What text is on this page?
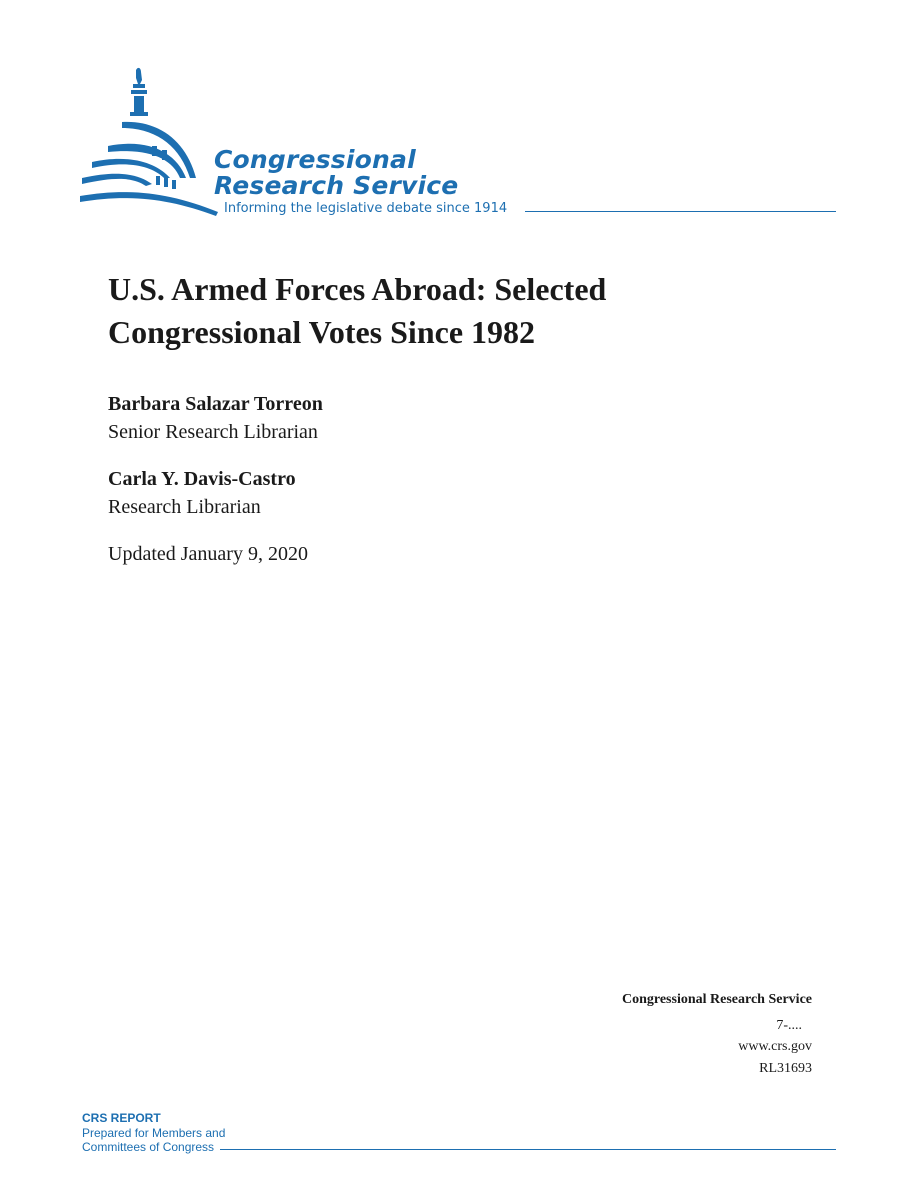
Congressional
Research Service
Informing the legislative debate since 1914
U.S. Armed Forces Abroad: Selected
Congressional Votes Since 1982
Barbara Salazar Torreon
Senior Research Librarian
Carla Y. Davis-Castro
Research Librarian
Updated January 9, 2020
Congressional Research Service
7-....
www.crs.gov
RL31693
CRS REPORT
Prepared for Members and
Committees of Congress
